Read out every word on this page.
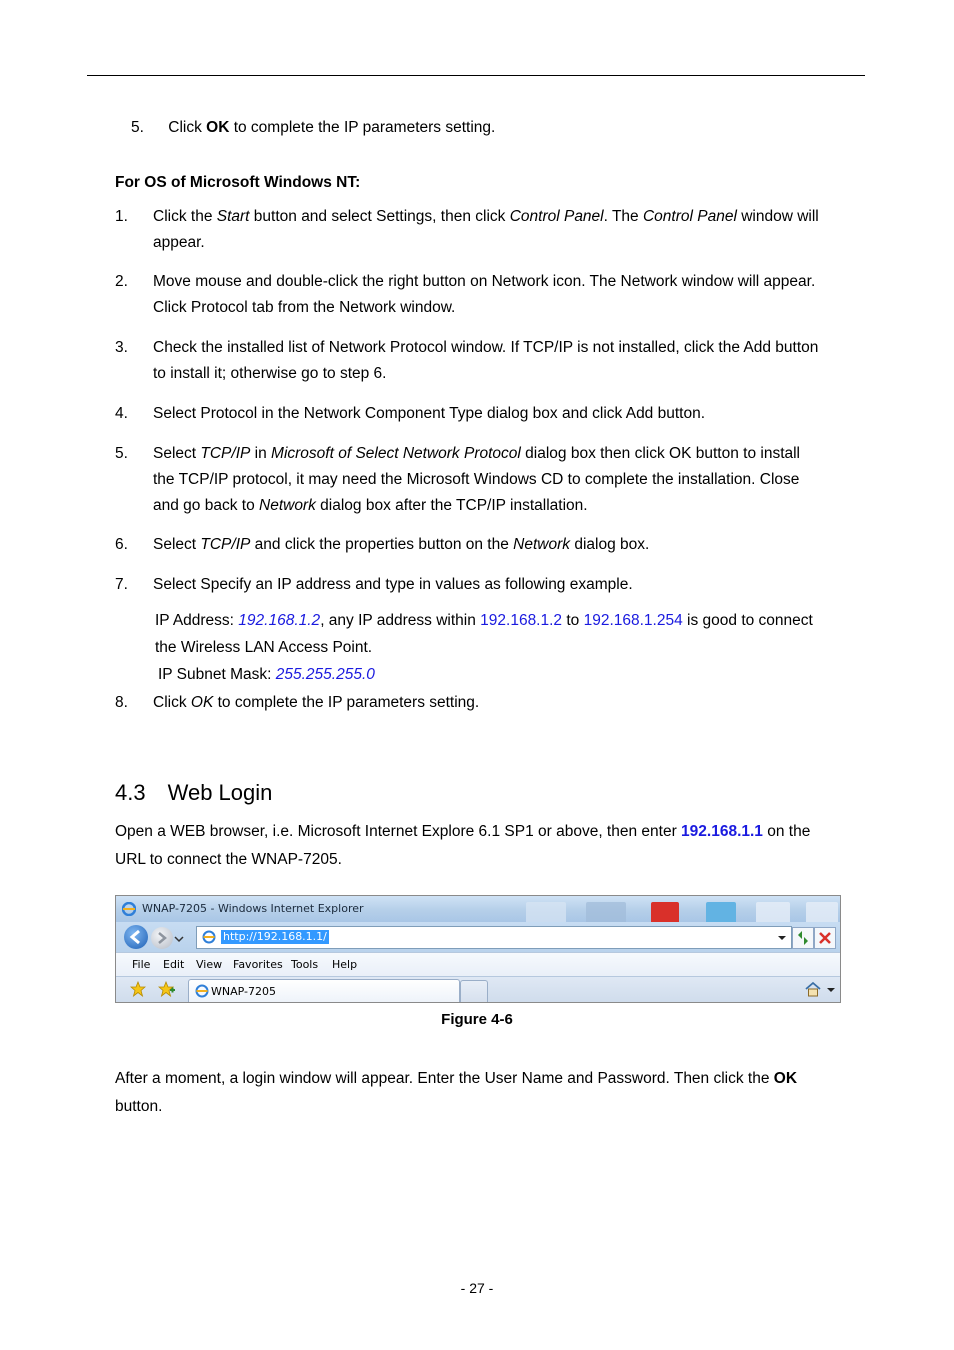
5. Click OK to complete the IP parameters setting.
For OS of Microsoft Windows NT:
1.	Click the Start button and select Settings, then click Control Panel. The Control Panel window will
appear.
2.	Move mouse and double-click the right button on Network icon. The Network window will appear.
Click Protocol tab from the Network window.
3.	Check the installed list of Network Protocol window. If TCP/IP is not installed, click the Add button
to install it; otherwise go to step 6.
4.	Select Protocol in the Network Component Type dialog box and click Add button.
5.	Select TCP/IP in Microsoft of Select Network Protocol dialog box then click OK button to install
the TCP/IP protocol, it may need the Microsoft Windows CD to complete the installation. Close
and go back to Network dialog box after the TCP/IP installation.
6.	Select TCP/IP and click the properties button on the Network dialog box.
7.	Select Specify an IP address and type in values as following example.
IP Address: 192.168.1.2, any IP address within 192.168.1.2 to 192.168.1.254 is good to connect
the Wireless LAN Access Point.
IP Subnet Mask: 255.255.255.0
8.	Click OK to complete the IP parameters setting.
4.3 Web Login
Open a WEB browser, i.e. Microsoft Internet Explore 6.1 SP1 or above, then enter 192.168.1.1 on the
URL to connect the WNAP-7205.
WNAP-7205 - Windows Internet Explorer
http://192.168.1.1/
File Edit View Favorites Tools Help
WNAP-7205
Figure 4-6
After a moment, a login window will appear. Enter the User Name and Password. Then click the OK
button.
- 27 -
